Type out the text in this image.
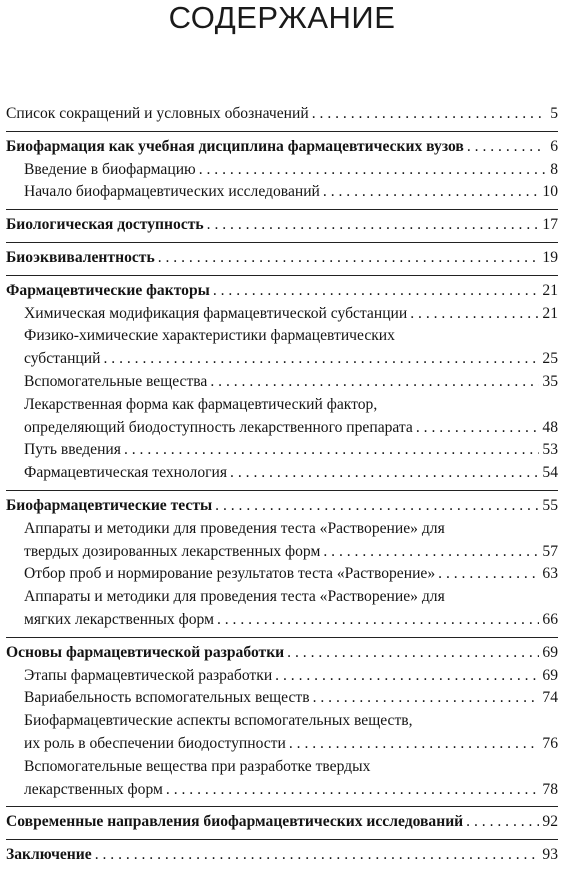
СОДЕРЖАНИЕ
Список сокращений и условных обозначений . . .	5
Биофармация как учебная дисциплина фармацевтических вузов . . .	6
Введение в биофармацию . . .	8
Начало биофармацевтических исследований . . .	10
Биологическая доступность . . .	17
Биоэквивалентность . . .	19
Фармацевтические факторы . . .	21
Химическая модификация фармацевтической субстанции . . .	21
Физико-химические характеристики фармацевтических
субстанций . . .	25
Вспомогательные вещества . . .	35
Лекарственная форма как фармацевтический фактор,
определяющий биодоступность лекарственного препарата . . .	48
Путь введения . . .	53
Фармацевтическая технология . . .	54
Биофармацевтические тесты . . .	55
Аппараты и методики для проведения теста «Растворение» для
твердых дозированных лекарственных форм . . .	57
Отбор проб и нормирование результатов теста «Растворение» . . .	63
Аппараты и методики для проведения теста «Растворение» для
мягких лекарственных форм . . .	66
Основы фармацевтической разработки . . .	69
Этапы фармацевтической разработки . . .	69
Вариабельность вспомогательных веществ . . .	74
Биофармацевтические аспекты вспомогательных веществ,
их роль в обеспечении биодоступности . . .	76
Вспомогательные вещества при разработке твердых
лекарственных форм . . .	78
Современные направления биофармацевтических исследований . . .	92
Заключение . . .	93
